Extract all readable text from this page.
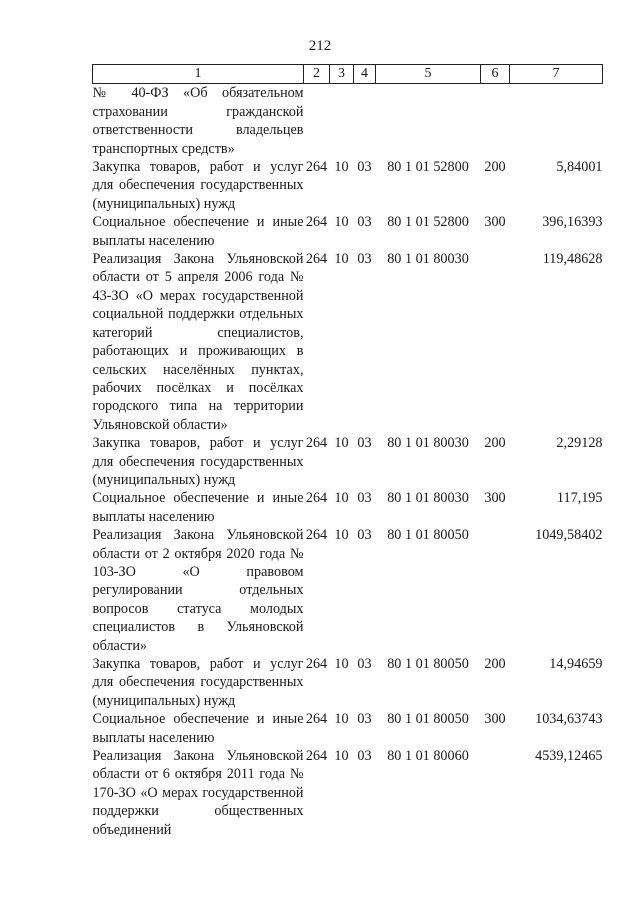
212
1	2	3	4	5	6	7
№ 40-ФЗ «Об обязательном страховании гражданской ответственности владельцев транспортных средств»						
Закупка товаров, работ и услуг для обеспечения государственных (муниципальных) нужд	264	10	03	80 1 01 52800	200	5,84001
Социальное обеспечение и иные выплаты населению	264	10	03	80 1 01 52800	300	396,16393
Реализация Закона Ульяновской области от 5 апреля 2006 года № 43-ЗО «О мерах государственной социальной поддержки отдельных категорий специалистов, работающих и проживающих в сельских населённых пунктах, рабочих посёлках и посёлках городского типа на территории Ульяновской области»	264	10	03	80 1 01 80030		119,48628
Закупка товаров, работ и услуг для обеспечения государственных (муниципальных) нужд	264	10	03	80 1 01 80030	200	2,29128
Социальное обеспечение и иные выплаты населению	264	10	03	80 1 01 80030	300	117,195
Реализация Закона Ульяновской области от 2 октября 2020 года № 103-ЗО «О правовом регулировании отдельных вопросов статуса молодых специалистов в Ульяновской области»	264	10	03	80 1 01 80050		1049,58402
Закупка товаров, работ и услуг для обеспечения государственных (муниципальных) нужд	264	10	03	80 1 01 80050	200	14,94659
Социальное обеспечение и иные выплаты населению	264	10	03	80 1 01 80050	300	1034,63743
Реализация Закона Ульяновской области от 6 октября 2011 года № 170-ЗО «О мерах государственной поддержки общественных объединений	264	10	03	80 1 01 80060		4539,12465
